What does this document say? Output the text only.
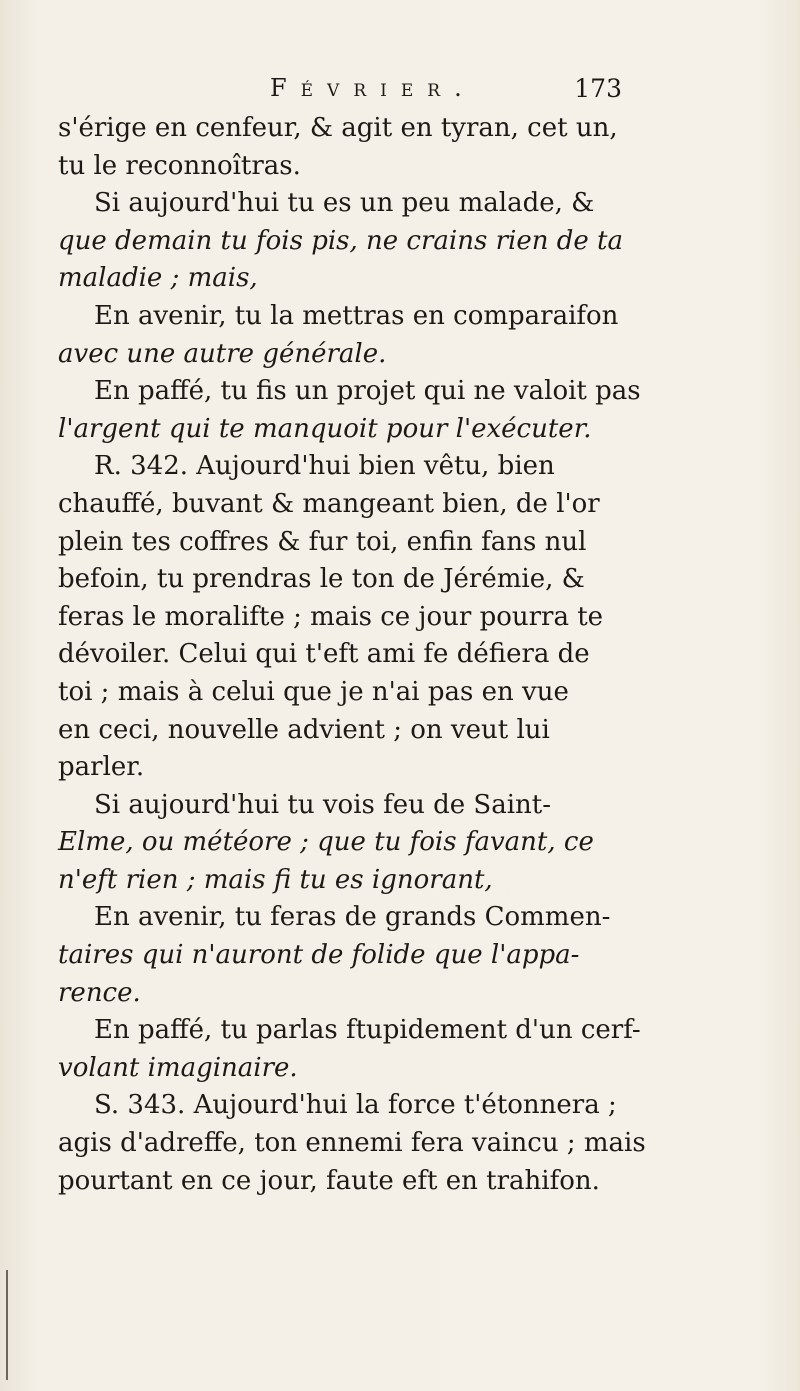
Février.	173
s'érige en cenfeur, & agit en tyran, cet un,
tu le reconnoîtras.
Si aujourd'hui tu es un peu malade, &
que demain tu fois pis, ne crains rien de ta
maladie ; mais,
En avenir, tu la mettras en comparaifon
avec une autre générale.
En paffé, tu fis un projet qui ne valoit pas
l'argent qui te manquoit pour l'exécuter.
R. 342. Aujourd'hui bien vêtu, bien
chauffé, buvant & mangeant bien, de l'or
plein tes coffres & fur toi, enfin fans nul
befoin, tu prendras le ton de Jérémie, &
feras le moralifte ; mais ce jour pourra te
dévoiler. Celui qui t'eft ami fe défiera de
toi ; mais à celui que je n'ai pas en vue
en ceci, nouvelle advient ; on veut lui
parler.
Si aujourd'hui tu vois feu de Saint-
Elme, ou météore ; que tu fois favant, ce
n'eft rien ; mais fi tu es ignorant,
En avenir, tu feras de grands Commen-
taires qui n'auront de folide que l'appa-
rence.
En paffé, tu parlas ftupidement d'un cerf-
volant imaginaire.
S. 343. Aujourd'hui la force t'étonnera ;
agis d'adreffe, ton ennemi fera vaincu ; mais
pourtant en ce jour, faute eft en trahifon.
